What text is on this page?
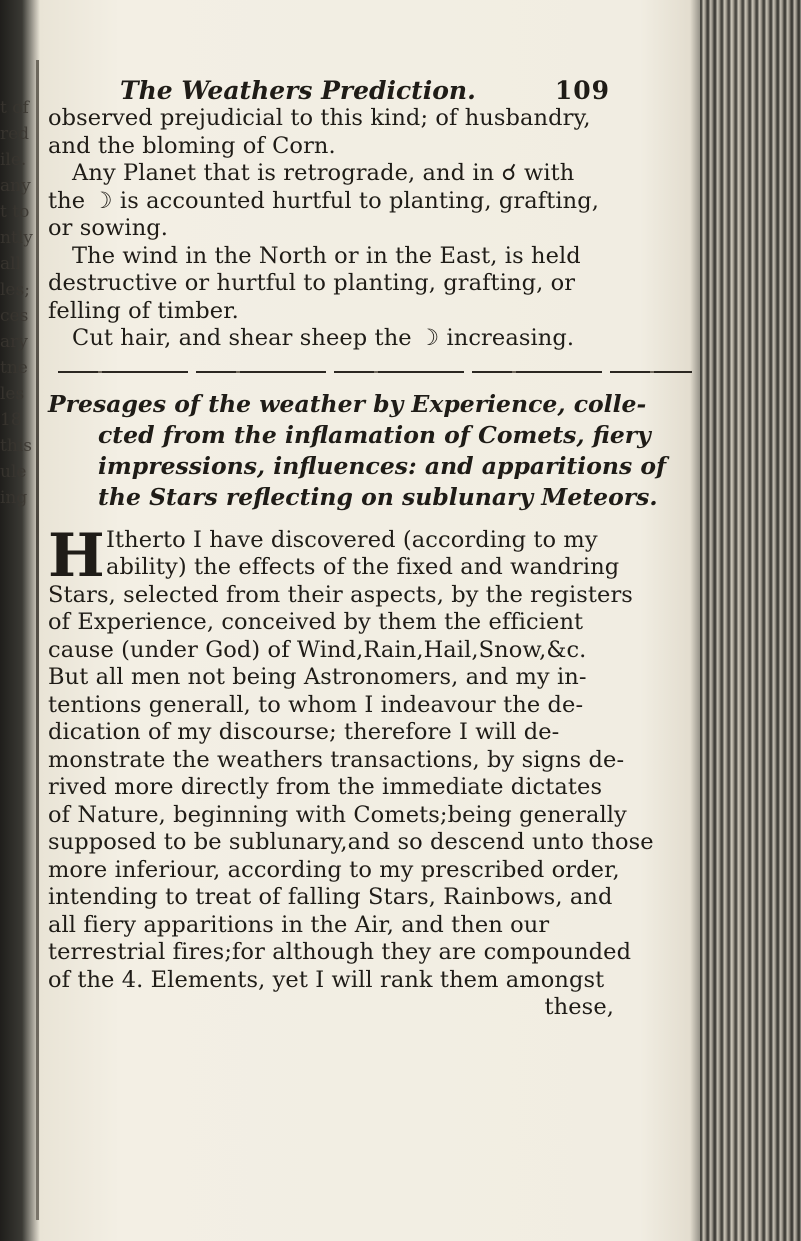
t of
red
ile.
any
t to
ntly
all
les;
ces
ary
tne
les
18
this
ule
ing
The Weathers Prediction.	109
observed prejudicial to this kind; of husbandry,
and the bloming of Corn.
Any Planet that is retrograde, and in ☌ with
the ☽ is accounted hurtful to planting, grafting,
or sowing.
The wind in the North or in the East, is held
destructive or hurtful to planting, grafting, or
felling of timber.
Cut hair, and shear sheep the ☽ increasing.
Presages of the weather by Experience, colle-
cted from the inflamation of Comets, fiery
impressions, influences: and apparitions of
the Stars reflecting on sublunary Meteors.
H Itherto I have discovered (according to my
ability) the effects of the fixed and wandring
Stars, selected from their aspects, by the registers
of Experience, conceived by them the efficient
cause (under God) of Wind,Rain,Hail,Snow,&c.
But all men not being Astronomers, and my in-
tentions generall, to whom I indeavour the de-
dication of my discourse; therefore I will de-
monstrate the weathers transactions, by signs de-
rived more directly from the immediate dictates
of Nature, beginning with Comets;being generally
supposed to be sublunary,and so descend unto those
more inferiour, according to my prescribed order,
intending to treat of falling Stars, Rainbows, and
all fiery apparitions in the Air, and then our
terrestrial fires;for although they are compounded
of the 4. Elements, yet I will rank them amongst
these,
